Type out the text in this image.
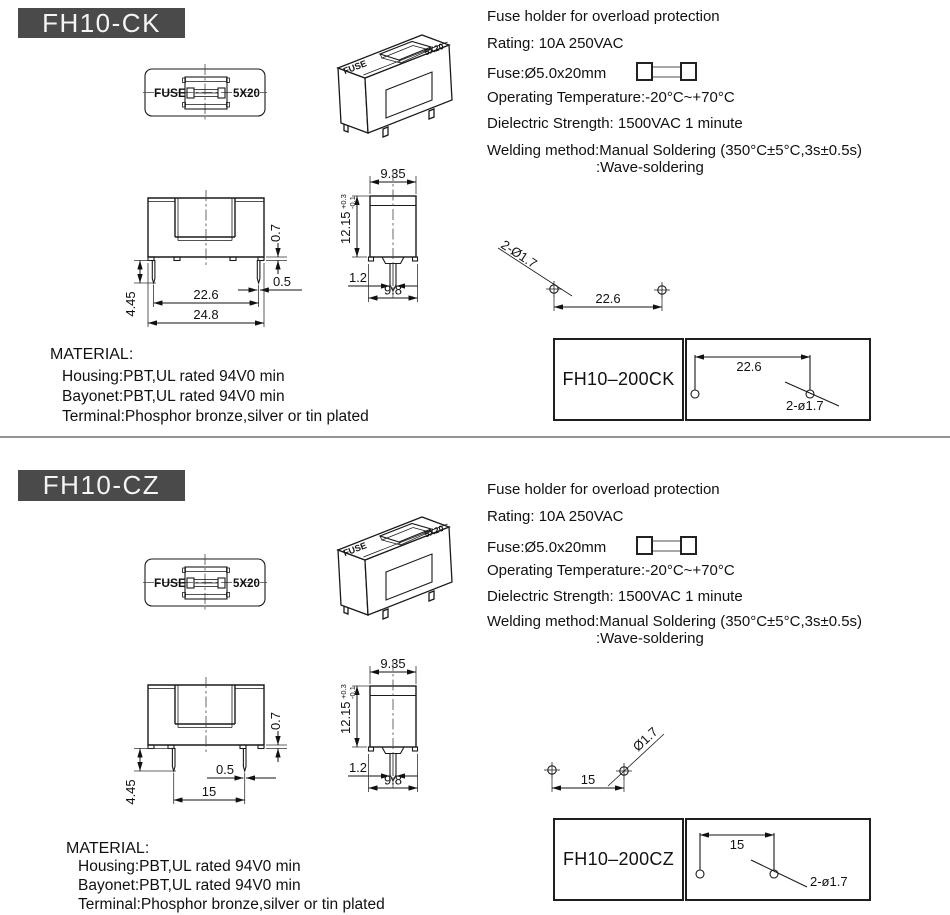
FH10-CK
FUSE	5X20
FUSE
5X20
Fuse holder for overload protection
Rating: 10A 250VAC
Fuse:Ø5.0x20mm
Operating Temperature:-20°C~+70°C
Dielectric Strength: 1500VAC 1 minute
Welding method:Manual Soldering (350°C±5°C,3s±0.5s)
:Wave-soldering
0.7
4.45
0.5
22.6
24.8
9.35
12.15
+0.3 -0.1
1.2
9.8
2-Ø1.7
22.6
FH10–200CK
22.6
2-ø1.7
MATERIAL:
Housing:PBT,UL rated 94V0 min
Bayonet:PBT,UL rated 94V0 min
Terminal:Phosphor bronze,silver or tin plated
FH10-CZ
FUSE	5X20
FUSE
5X20
Fuse holder for overload protection
Rating: 10A 250VAC
Fuse:Ø5.0x20mm
Operating Temperature:-20°C~+70°C
Dielectric Strength: 1500VAC 1 minute
Welding method:Manual Soldering (350°C±5°C,3s±0.5s)
:Wave-soldering
0.7
4.45
0.5
15
9.35
12.15
+0.3 -0.1
1.2
9.8
Ø1.7
15
FH10–200CZ
15
2-ø1.7
MATERIAL:
Housing:PBT,UL rated 94V0 min
Bayonet:PBT,UL rated 94V0 min
Terminal:Phosphor bronze,silver or tin plated
